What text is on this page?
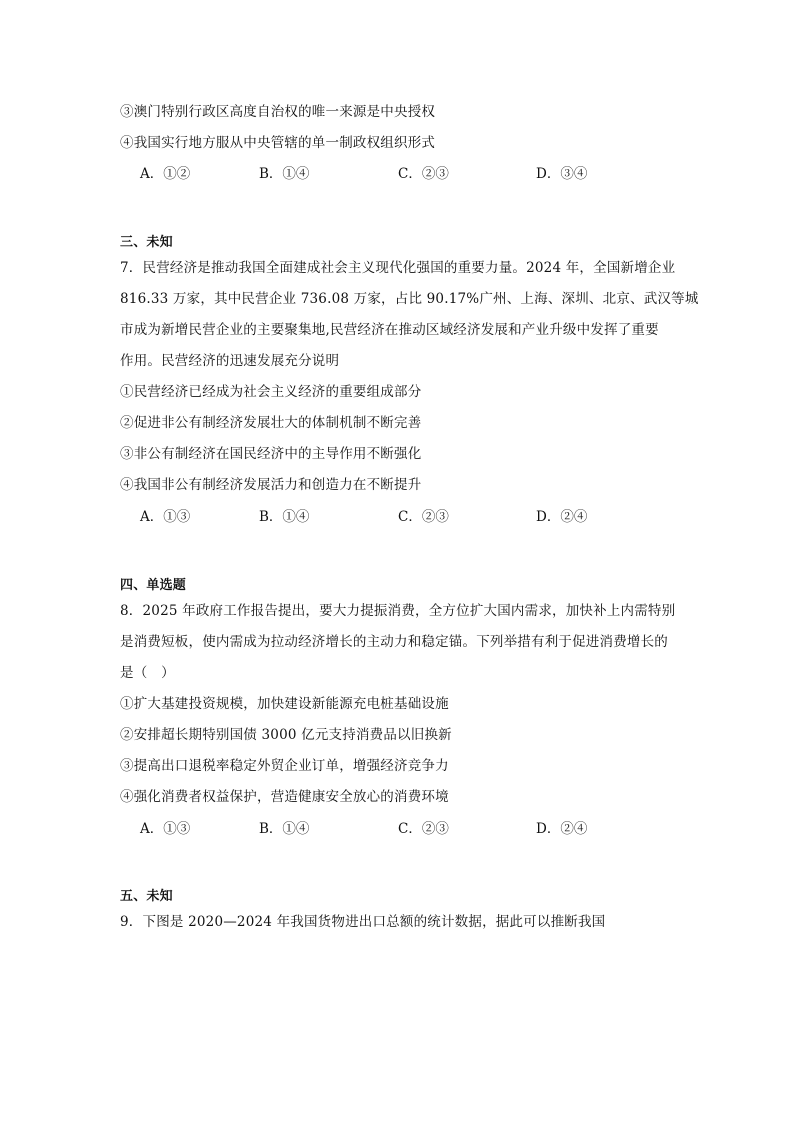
③澳门特别行政区高度自治权的唯一来源是中央授权
④我国实行地方服从中央管辖的单一制政权组织形式
A．①②	B．①④	C．②③	D．③④
三、未知
7．民营经济是推动我国全面建成社会主义现代化强国的重要力量。2024 年，全国新增企业
816.33 万家，其中民营企业 736.08 万家，占比 90.17%广州、上海、深圳、北京、武汉等城
市成为新增民营企业的主要聚集地,民营经济在推动区域经济发展和产业升级中发挥了重要
作用。民营经济的迅速发展充分说明
①民营经济已经成为社会主义经济的重要组成部分
②促进非公有制经济发展壮大的体制机制不断完善
③非公有制经济在国民经济中的主导作用不断强化
④我国非公有制经济发展活力和创造力在不断提升
A．①③	B．①④	C．②③	D．②④
四、单选题
8．2025 年政府工作报告提出，要大力提振消费，全方位扩大国内需求，加快补上内需特别
是消费短板，使内需成为拉动经济增长的主动力和稳定锚。下列举措有利于促进消费增长的
是（　）
①扩大基建投资规模，加快建设新能源充电桩基础设施
②安排超长期特别国债 3000 亿元支持消费品以旧换新
③提高出口退税率稳定外贸企业订单，增强经济竞争力
④强化消费者权益保护，营造健康安全放心的消费环境
A．①③	B．①④	C．②③	D．②④
五、未知
9．下图是 2020—2024 年我国货物进出口总额的统计数据，据此可以推断我国
